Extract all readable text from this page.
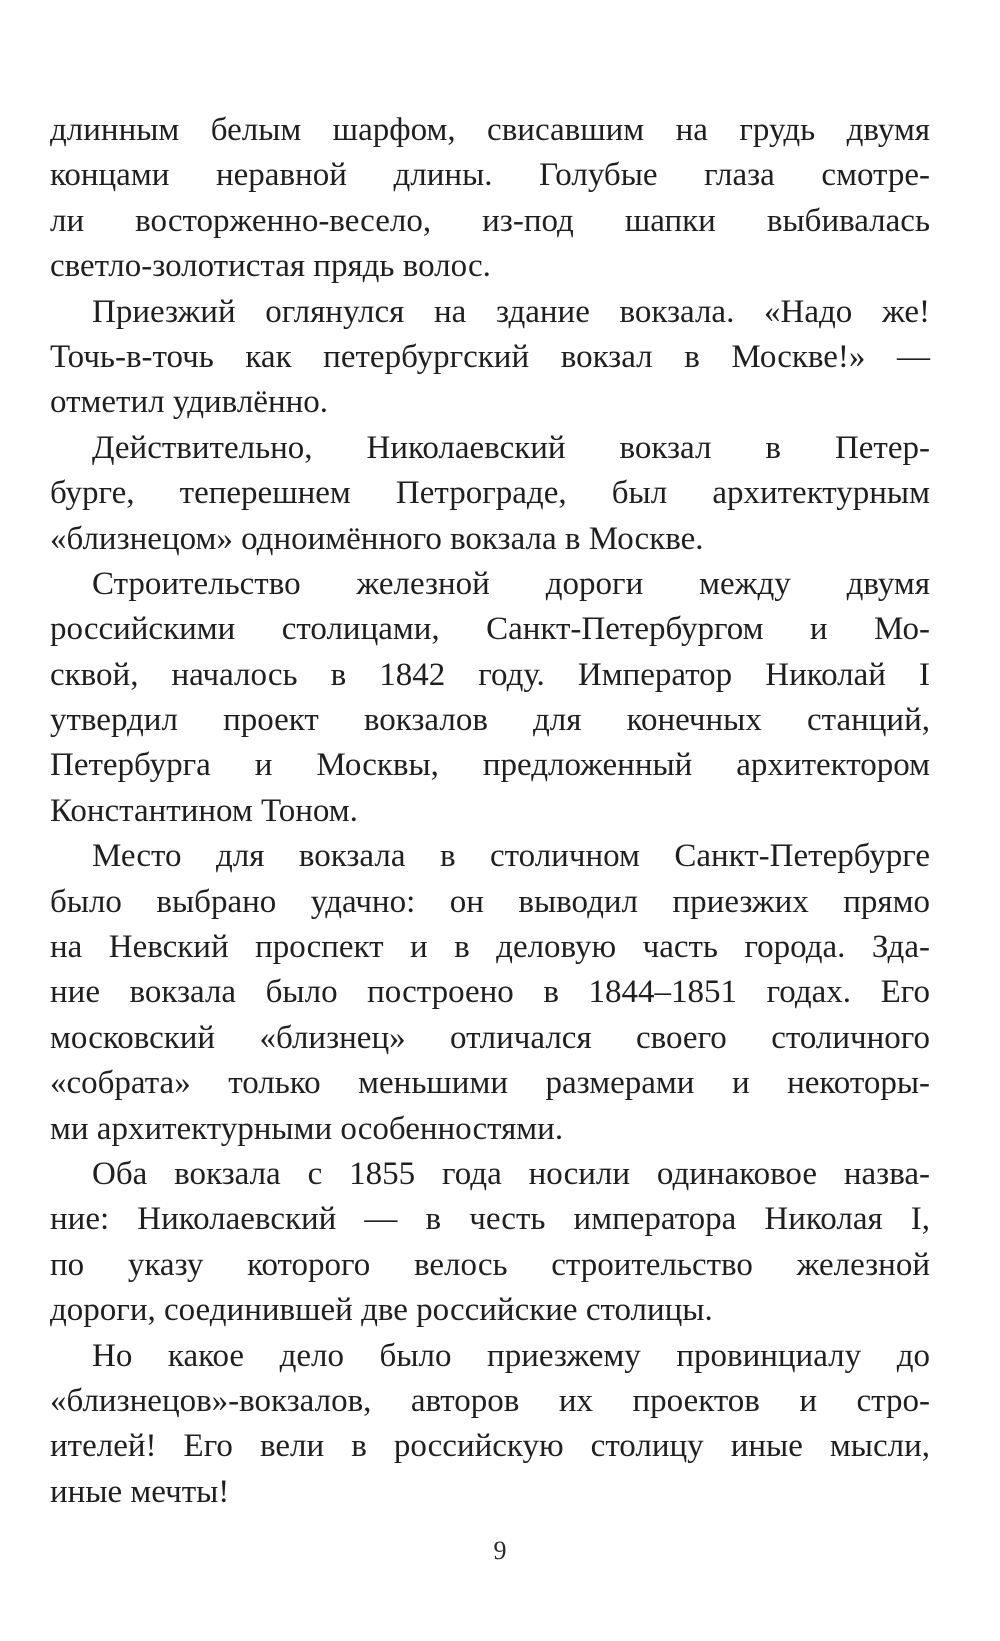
длинным белым шарфом, свисавшим на грудь двумя
концами неравной длины. Голубые глаза смотре-
ли восторженно-весело, из-под шапки выбивалась
светло-золотистая прядь волос.
Приезжий оглянулся на здание вокзала. «Надо же!
Точь-в-точь как петербургский вокзал в Москве!» —
отметил удивлённо.
Действительно, Николаевский вокзал в Петер-
бурге, теперешнем Петрограде, был архитектурным
«близнецом» одноимённого вокзала в Москве.
Строительство железной дороги между двумя
российскими столицами, Санкт-Петербургом и Мо-
сквой, началось в 1842 году. Император Николай I
утвердил проект вокзалов для конечных станций,
Петербурга и Москвы, предложенный архитектором
Константином Тоном.
Место для вокзала в столичном Санкт-Петербурге
было выбрано удачно: он выводил приезжих прямо
на Невский проспект и в деловую часть города. Зда-
ние вокзала было построено в 1844–1851 годах. Его
московский «близнец» отличался своего столичного
«собрата» только меньшими размерами и некоторы-
ми архитектурными особенностями.
Оба вокзала с 1855 года носили одинаковое назва-
ние: Николаевский — в честь императора Николая I,
по указу которого велось строительство железной
дороги, соединившей две российские столицы.
Но какое дело было приезжему провинциалу до
«близнецов»-вокзалов, авторов их проектов и стро-
ителей! Его вели в российскую столицу иные мысли,
иные мечты!
9
